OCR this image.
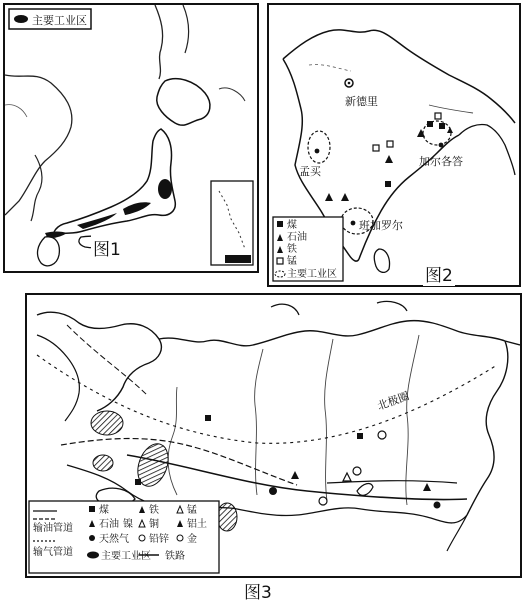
主要工业区
图1
新德里
孟买
加尔各答
班加罗尔
煤
石油
铁
锰
主要工业区	图2
北极圈
输油管道
输气管道
煤
石油
天然气
主要工业区
铁
铜
铅锌
铁路
锰
铝土
金
镍
图3
